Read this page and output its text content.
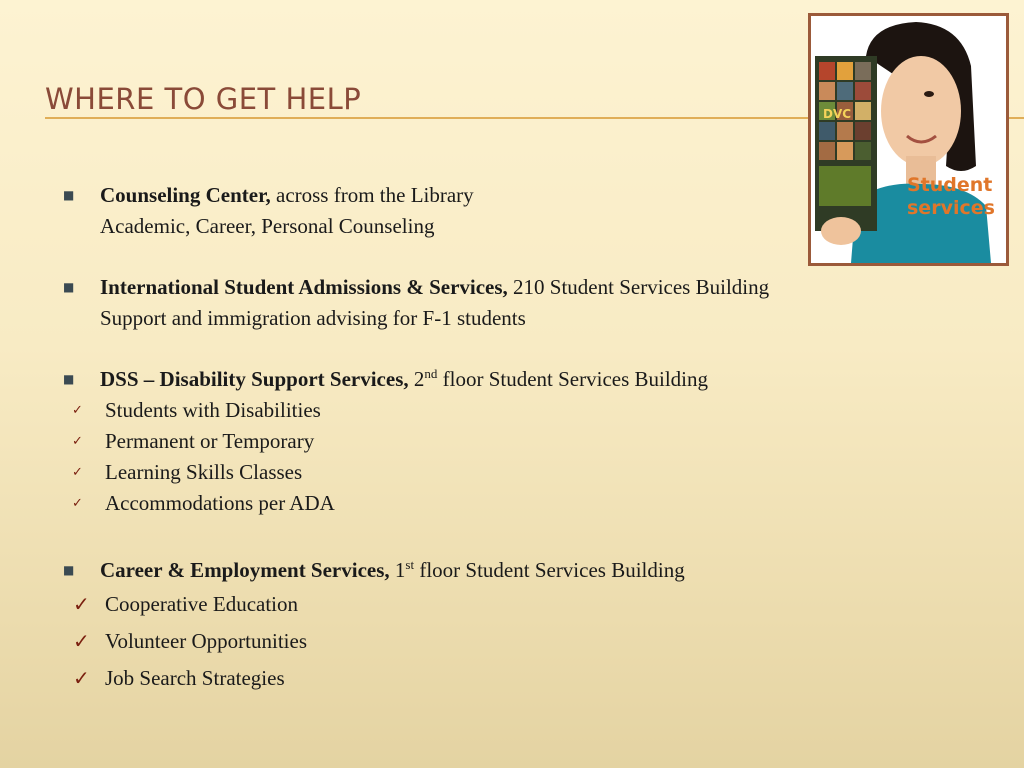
WHERE TO GET HELP	DVC
Student
services
■ Counseling Center, across from the Library
Academic, Career, Personal Counseling
■ International Student Admissions & Services, 210 Student Services Building
Support and immigration advising for F-1 students
■ DSS – Disability Support Services, 2nd floor Student Services Building
✓ Students with Disabilities
✓ Permanent or Temporary
✓ Learning Skills Classes
✓ Accommodations per ADA
■ Career & Employment Services, 1st floor Student Services Building
✓ Cooperative Education
✓ Volunteer Opportunities
✓ Job Search Strategies
